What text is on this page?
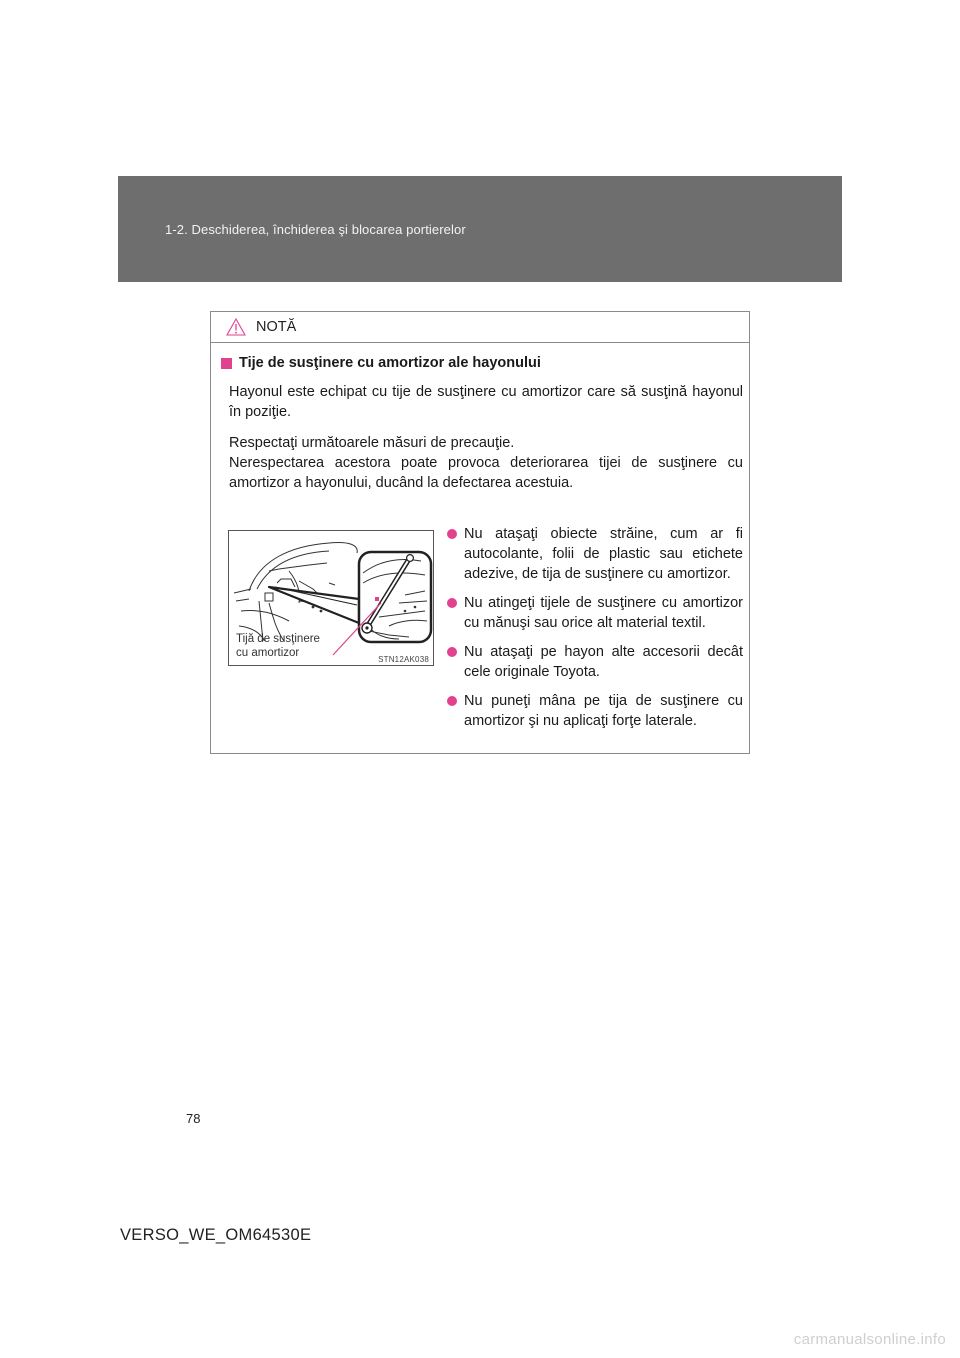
1-2. Deschiderea, închiderea şi blocarea portierelor
NOTĂ
Tije de susţinere cu amortizor ale hayonului

Hayonul este echipat cu tije de susţinere cu amortizor care să susţină hayonul în poziţie.

Respectaţi următoarele măsuri de precauţie.
Nerespectarea acestora poate provoca deteriorarea tijei de susţinere cu amortizor a hayonului, ducând la defectarea acestuia.
Tijă de susţinere
cu amortizor
STN12AK038
Nu ataşaţi obiecte străine, cum ar fi autocolante, folii de plastic sau etichete adezive, de tija de susţinere cu amortizor.
Nu atingeţi tijele de susţinere cu amortizor cu mănuşi sau orice alt material textil.
Nu ataşaţi pe hayon alte accesorii decât cele originale Toyota.
Nu puneţi mâna pe tija de susţinere cu amortizor şi nu aplicaţi forţe laterale.
78
VERSO_WE_OM64530E
carmanualsonline.info
